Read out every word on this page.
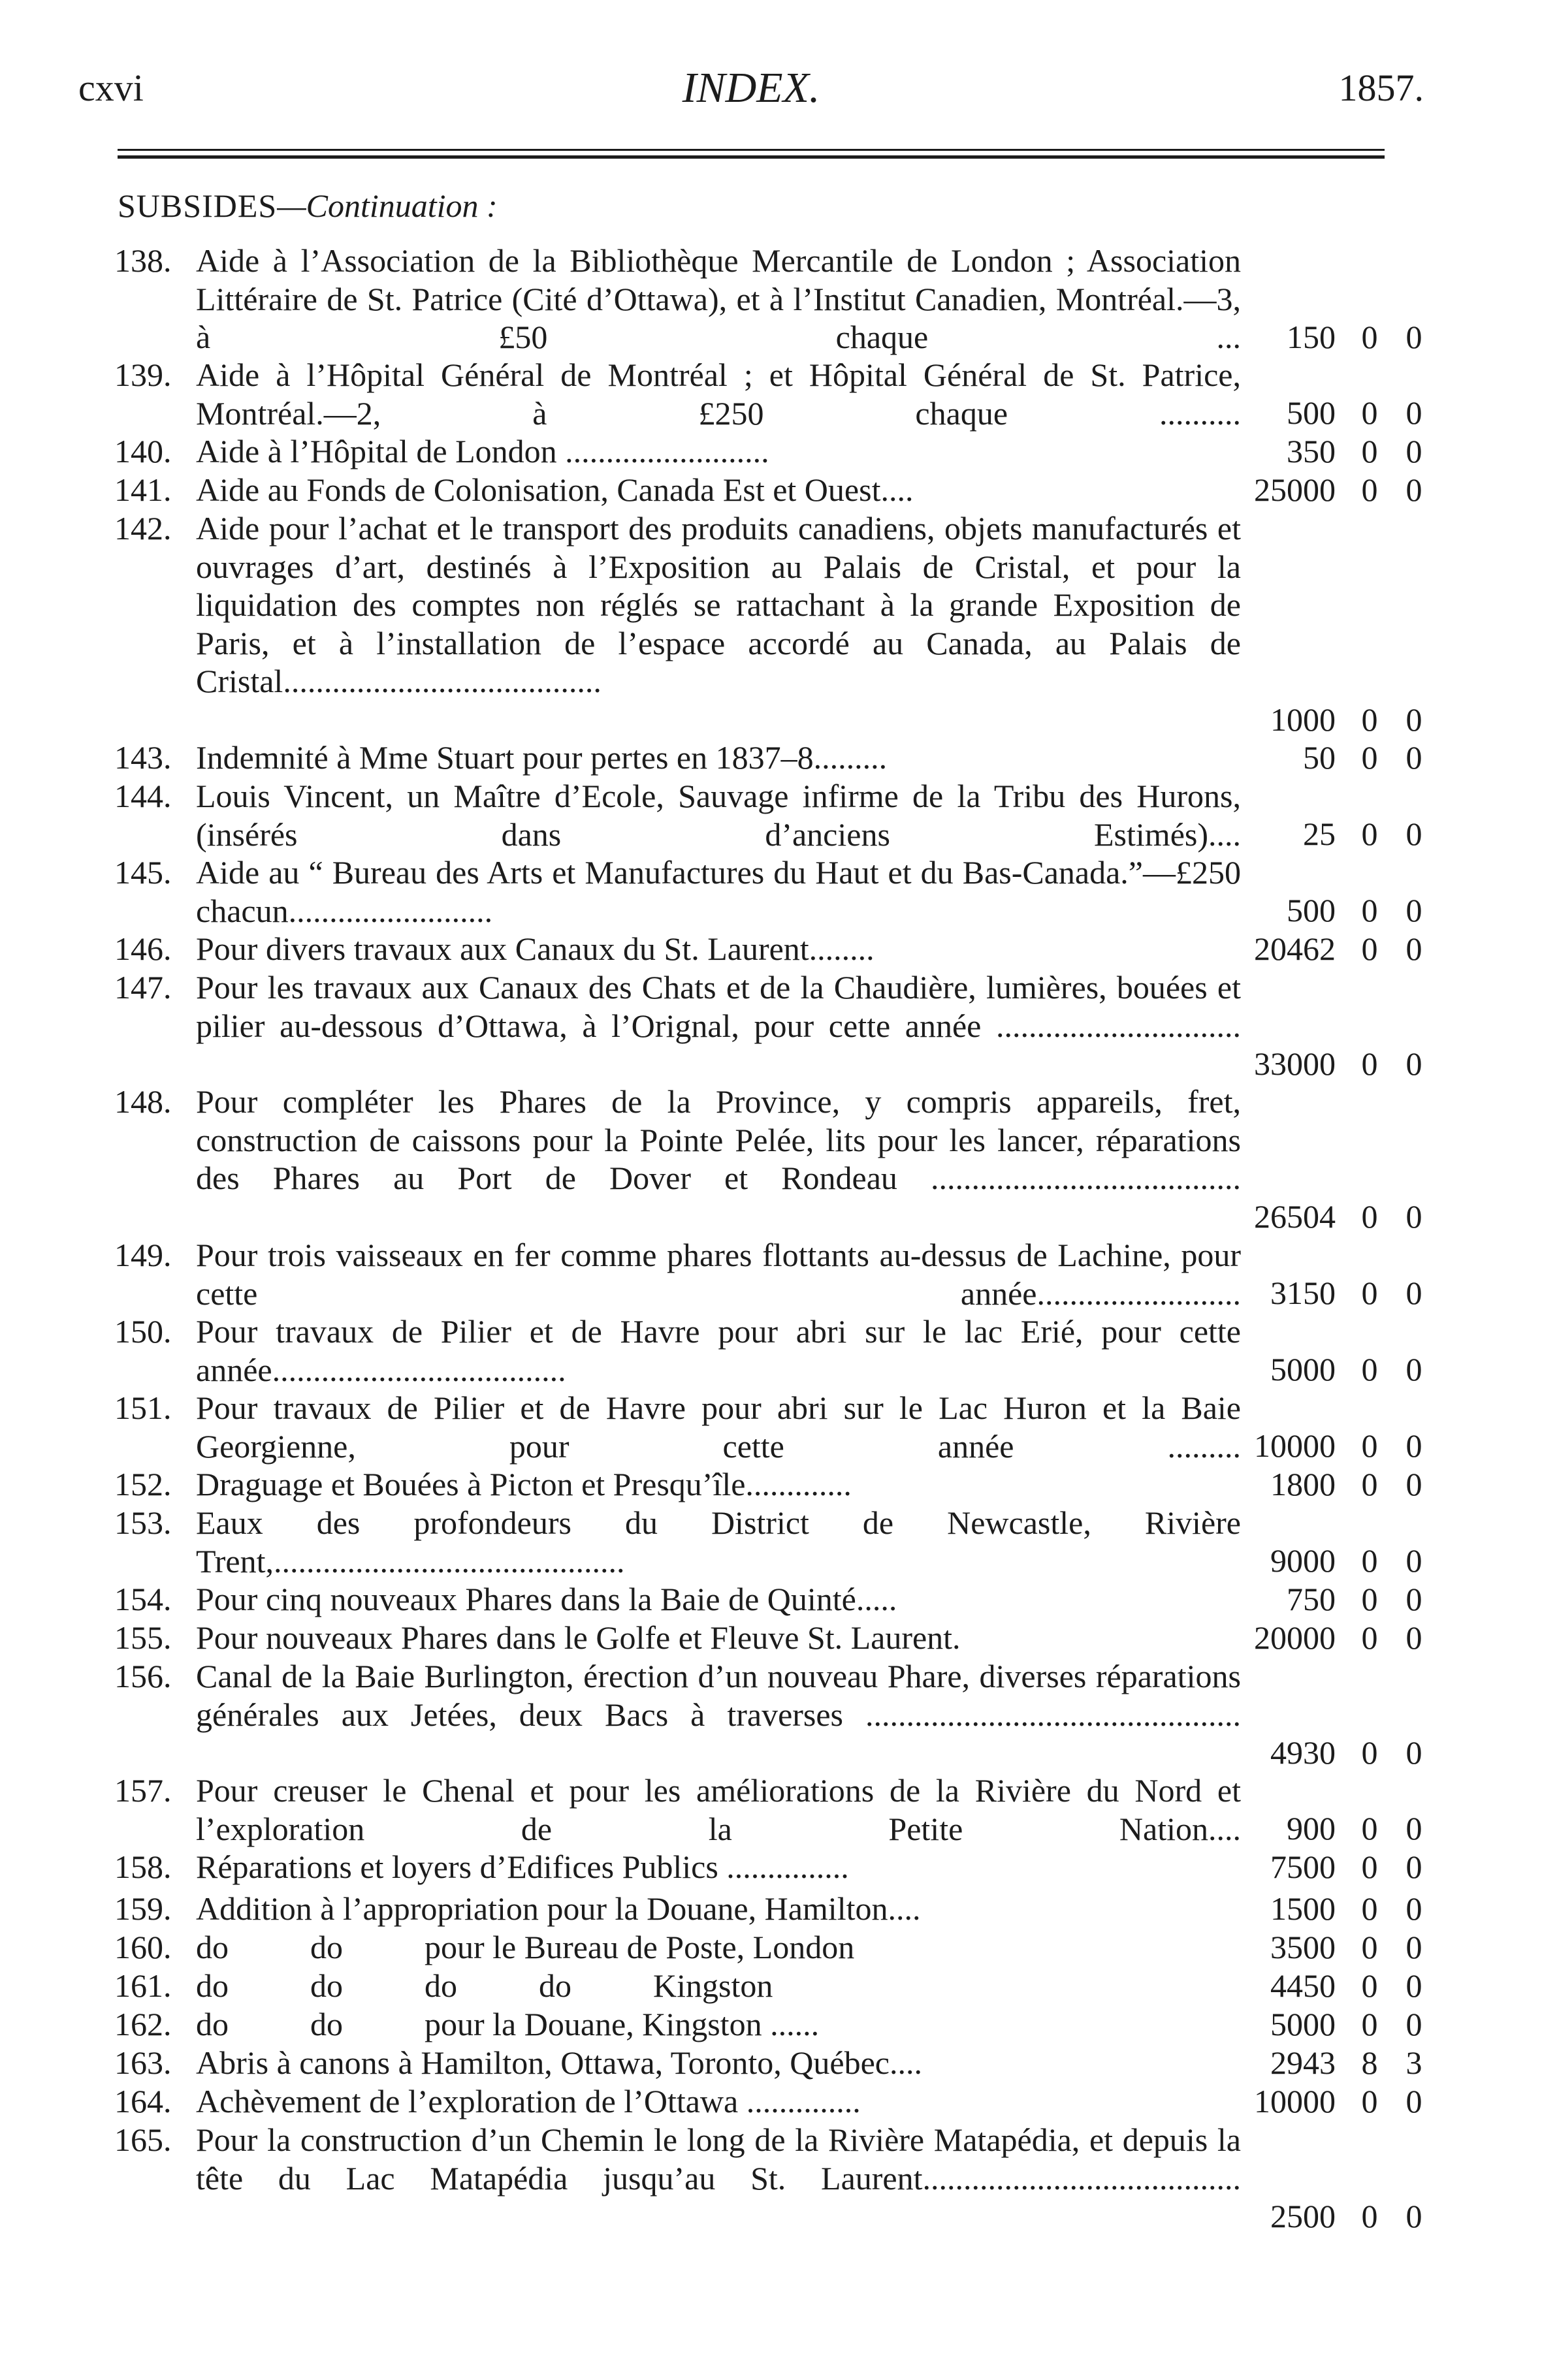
cxvi	INDEX.	1857.
SUBSIDES—Continuation :
138. Aide à l’Association de la Bibliothèque Mercantile de London ; Association Littéraire de St. Patrice (Cité d’Ottawa), et à l’Institut Canadien, Montréal.—3, à £50 chaque ... 150 0 0
139. Aide à l’Hôpital Général de Montréal ; et Hôpital Général de St. Patrice, Montréal.—2, à £250 chaque .......... 500 0 0
140. Aide à l’Hôpital de London .........................	350 0 0
141. Aide au Fonds de Colonisation, Canada Est et Ouest....	25000 0 0
142. Aide pour l’achat et le transport des produits canadiens, objets manufacturés et ouvrages d’art, destinés à l’Exposition au Palais de Cristal, et pour la liquidation des comptes non réglés se rattachant à la grande Exposition de Paris, et à l’installation de l’espace accordé au Canada, au Palais de Cristal.......................................
1000 0 0
143. Indemnité à Mme Stuart pour pertes en 1837–8.........	50 0 0
144. Louis Vincent, un Maître d’Ecole, Sauvage infirme de la Tribu des Hurons, (insérés dans d’anciens Estimés).... 25 0 0
145. Aide au “ Bureau des Arts et Manufactures du Haut et du Bas-Canada.”—£250 chacun.........................	500 0 0
146. Pour divers travaux aux Canaux du St. Laurent........	20462 0 0
147. Pour les travaux aux Canaux des Chats et de la Chaudière, lumières, bouées et pilier au-dessous d’Ottawa, à l’Orignal, pour cette année ..............................
33000 0 0
148. Pour compléter les Phares de la Province, y compris appareils, fret, construction de caissons pour la Pointe Pelée, lits pour les lancer, réparations des Phares au Port de Dover et Rondeau ......................................
26504 0 0
149. Pour trois vaisseaux en fer comme phares flottants au-dessus de Lachine, pour cette année......................... 3150 0 0
150. Pour travaux de Pilier et de Havre pour abri sur le lac Erié, pour cette année....................................	5000 0 0
151. Pour travaux de Pilier et de Havre pour abri sur le Lac Huron et la Baie Georgienne, pour cette année ......... 10000 0 0
152. Draguage et Bouées à Picton et Presqu’île.............	1800 0 0
153. Eaux des profondeurs du District de Newcastle, Rivière Trent,...........................................	9000 0 0
154. Pour cinq nouveaux Phares dans la Baie de Quinté.....	750 0 0
155. Pour nouveaux Phares dans le Golfe et Fleuve St. Laurent.	20000 0 0
156. Canal de la Baie Burlington, érection d’un nouveau Phare, diverses réparations générales aux Jetées, deux Bacs à traverses ..............................................
4930 0 0
157. Pour creuser le Chenal et pour les améliorations de la Rivière du Nord et l’exploration de la Petite Nation.... 900 0 0
158. Réparations et loyers d’Edifices Publics ...............	7500 0 0
159. Addition à l’appropriation pour la Douane, Hamilton....	1500 0 0
160. do          do          pour le Bureau de Poste, London	3500 0 0
161. do          do          do          do          Kingston	4450 0 0
162. do          do          pour la Douane, Kingston ......	5000 0 0
163. Abris à canons à Hamilton, Ottawa, Toronto, Québec....	2943 8 3
164. Achèvement de l’exploration de l’Ottawa ..............	10000 0 0
165. Pour la construction d’un Chemin le long de la Rivière Matapédia, et depuis la tête du Lac Matapédia jusqu’au St. Laurent.......................................
2500 0 0
